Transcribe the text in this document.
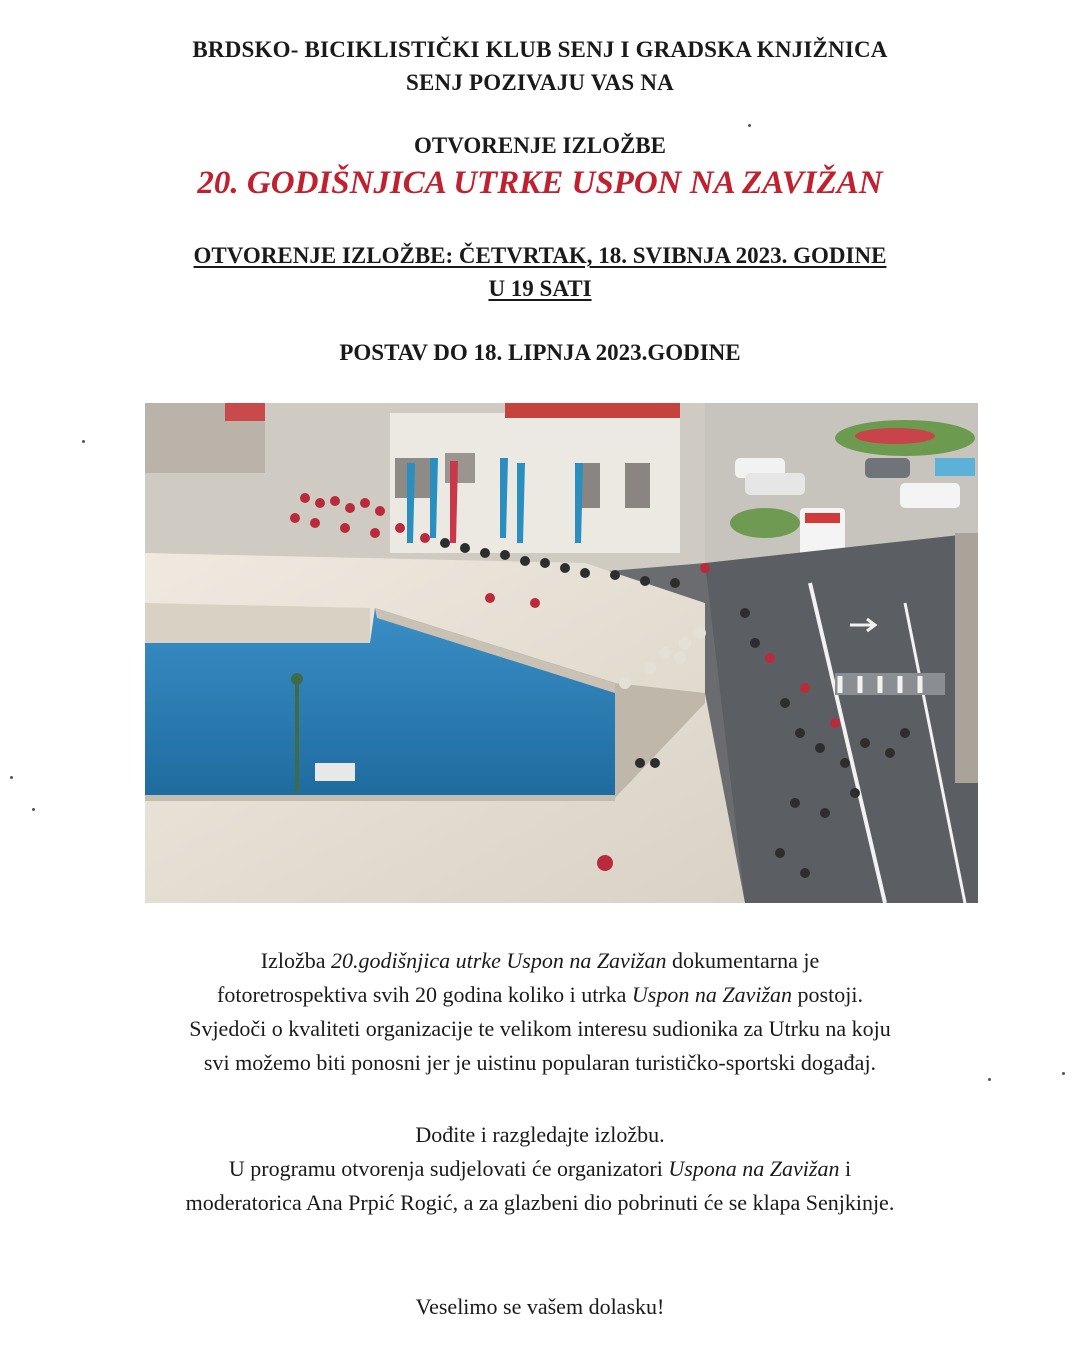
BRDSKO- BICIKLISTIČKI KLUB SENJ I GRADSKA KNJIŽNICA
SENJ POZIVAJU VAS NA
OTVORENJE IZLOŽBE
20. GODIŠNJICA UTRKE USPON NA ZAVIŽAN
OTVORENJE IZLOŽBE: ČETVRTAK, 18. SVIBNJA 2023. GODINE
U 19 SATI
POSTAV DO 18. LIPNJA 2023.GODINE
Izložba 20.godišnjica utrke Uspon na Zavižan dokumentarna je
fotoretrospektiva svih 20 godina koliko i utrka Uspon na Zavižan postoji.
Svjedoči o kvaliteti organizacije te velikom interesu sudionika za Utrku na koju
svi možemo biti ponosni jer je uistinu popularan turističko-sportski događaj.
Dođite i razgledajte izložbu.
U programu otvorenja sudjelovati će organizatori Uspona na Zavižan i
moderatorica Ana Prpić Rogić, a za glazbeni dio pobrinuti će se klapa Senjkinje.
Veselimo se vašem dolasku!
